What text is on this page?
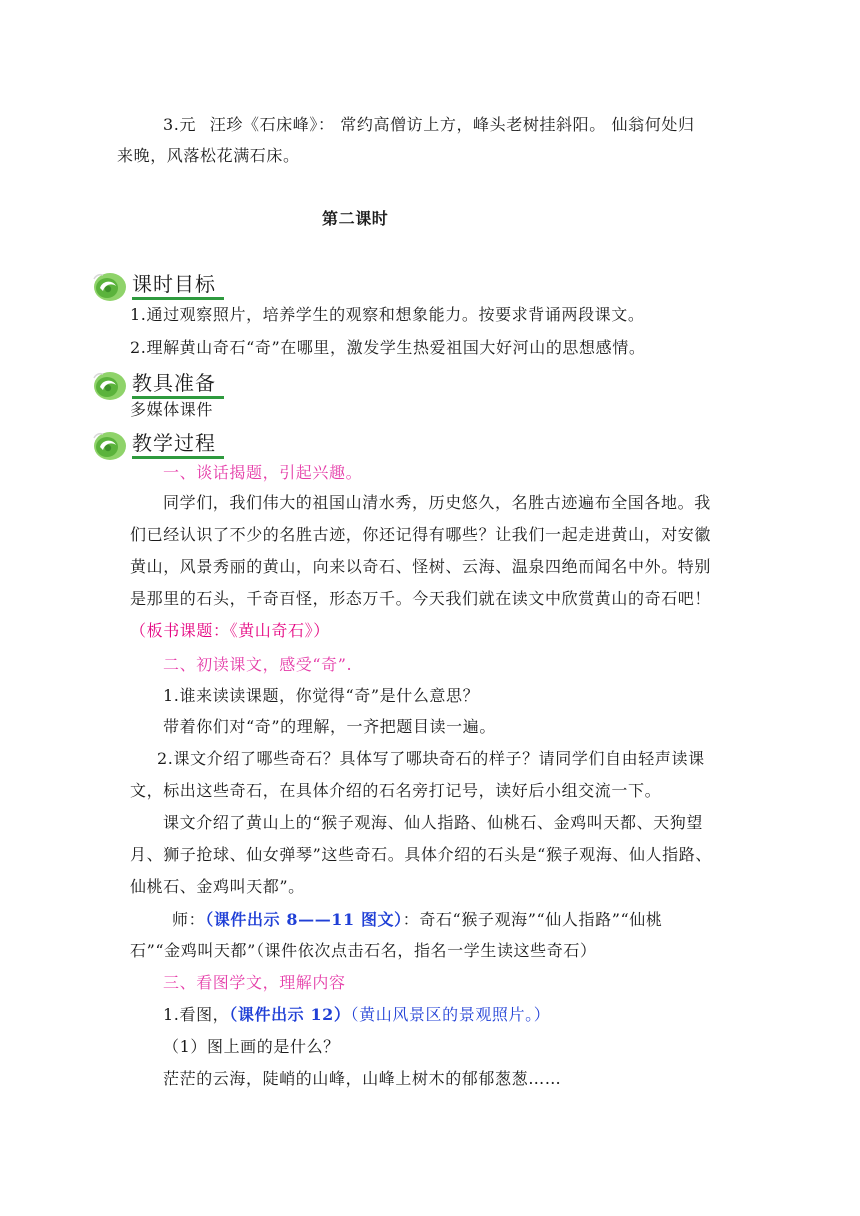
3.元 汪珍《石床峰》： 常约高僧访上方，峰头老树挂斜阳。 仙翁何处归
来晚，风落松花满石床。
第二课时
课时目标
1.通过观察照片，培养学生的观察和想象能力。按要求背诵两段课文。
2.理解黄山奇石“奇”在哪里，激发学生热爱祖国大好河山的思想感情。
教具准备
多媒体课件
教学过程
一、谈话揭题，引起兴趣。
同学们，我们伟大的祖国山清水秀，历史悠久，名胜古迹遍布全国各地。我
们已经认识了不少的名胜古迹，你还记得有哪些？让我们一起走进黄山，对安徽
黄山，风景秀丽的黄山，向来以奇石、怪树、云海、温泉四绝而闻名中外。特别
是那里的石头，千奇百怪，形态万千。今天我们就在读文中欣赏黄山的奇石吧！
（板书课题：《黄山奇石》）
二、初读课文，感受“奇”.
1.谁来读读课题，你觉得“奇”是什么意思？
带着你们对“奇”的理解，一齐把题目读一遍。
2.课文介绍了哪些奇石？具体写了哪块奇石的样子？请同学们自由轻声读课
文，标出这些奇石，在具体介绍的石名旁打记号，读好后小组交流一下。
课文介绍了黄山上的“猴子观海、仙人指路、仙桃石、金鸡叫天都、天狗望
月、狮子抢球、仙女弹琴”这些奇石。具体介绍的石头是“猴子观海、仙人指路、
仙桃石、金鸡叫天都”。
师：（课件出示 8——11 图文）：奇石“猴子观海”“仙人指路”“仙桃
石”“金鸡叫天都”（课件依次点击石名，指名一学生读这些奇石）
三、看图学文，理解内容
1.看图，（课件出示 12）（黄山风景区的景观照片。）
（1）图上画的是什么？
茫茫的云海，陡峭的山峰，山峰上树木的郁郁葱葱……
